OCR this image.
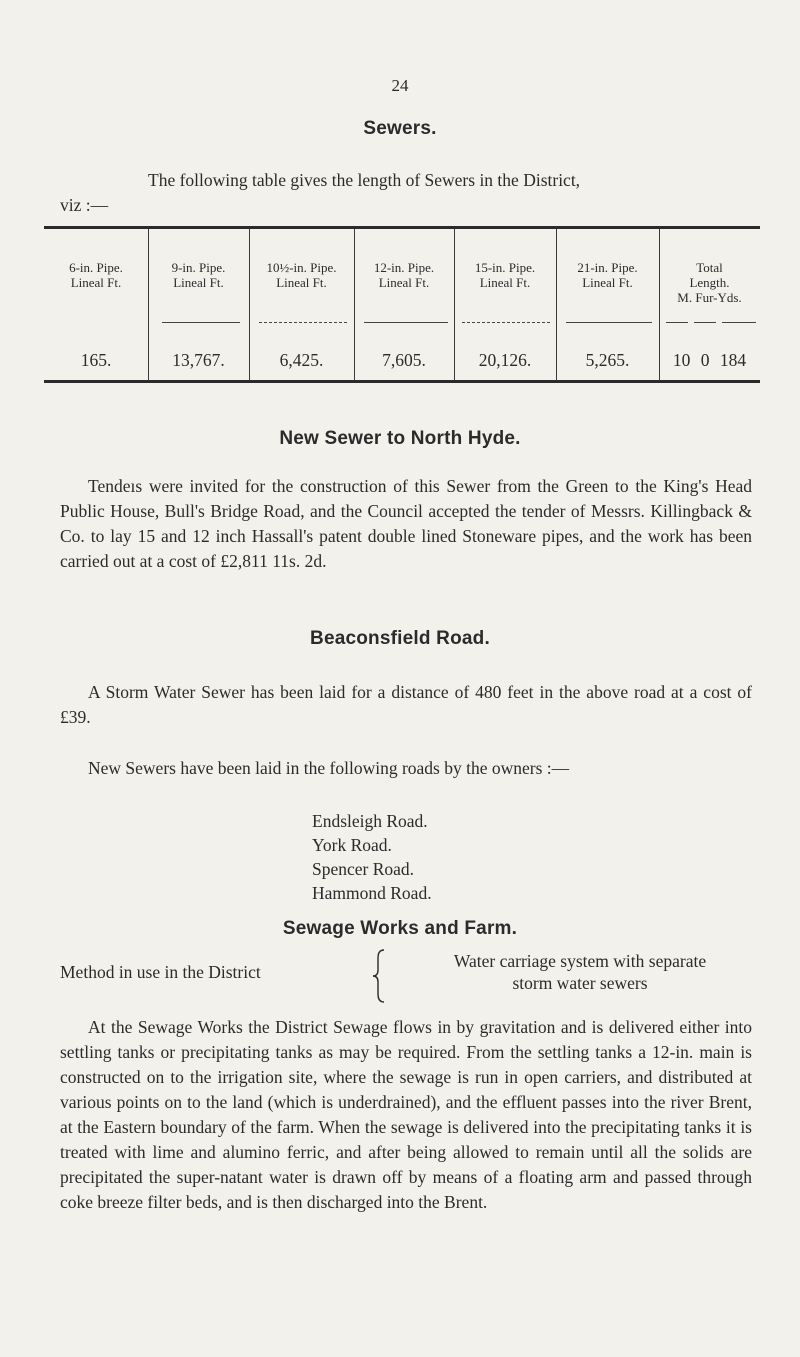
24
Sewers.
The following table gives the length of Sewers in the District,
viz :—
6-in. Pipe.
Lineal Ft.
165.
9-in. Pipe.
Lineal Ft.
13,767.
10½-in. Pipe.
Lineal Ft.
6,425.
12-in. Pipe.
Lineal Ft.
7,605.
15-in. Pipe.
Lineal Ft.
20,126.
21-in. Pipe.
Lineal Ft.
5,265.
Total
Length.
M. Fur-Yds.
10 0 184
New Sewer to North Hyde.
Tendeıs were invited for the construction of this Sewer from the Green to the King's Head Public House, Bull's Bridge Road, and the Council accepted the tender of Messrs. Killingback & Co. to lay 15 and 12 inch Hassall's patent double lined Stoneware pipes, and the work has been carried out at a cost of £2,811 11s. 2d.
Beaconsfield Road.
A Storm Water Sewer has been laid for a distance of 480 feet in the above road at a cost of £39.
New Sewers have been laid in the following roads by the owners :—
Endsleigh Road.
York Road.
Spencer Road.
Hammond Road.
Sewage Works and Farm.
Method in use in the District
Water carriage system with separate
storm water sewers
At the Sewage Works the District Sewage flows in by gravitation and is delivered either into settling tanks or precipitating tanks as may be required. From the settling tanks a 12-in. main is constructed on to the irrigation site, where the sewage is run in open carriers, and distributed at various points on to the land (which is underdrained), and the effluent passes into the river Brent, at the Eastern boundary of the farm. When the sewage is delivered into the precipitating tanks it is treated with lime and alumino ferric, and after being allowed to remain until all the solids are precipitated the super-natant water is drawn off by means of a floating arm and passed through coke breeze filter beds, and is then discharged into the Brent.
